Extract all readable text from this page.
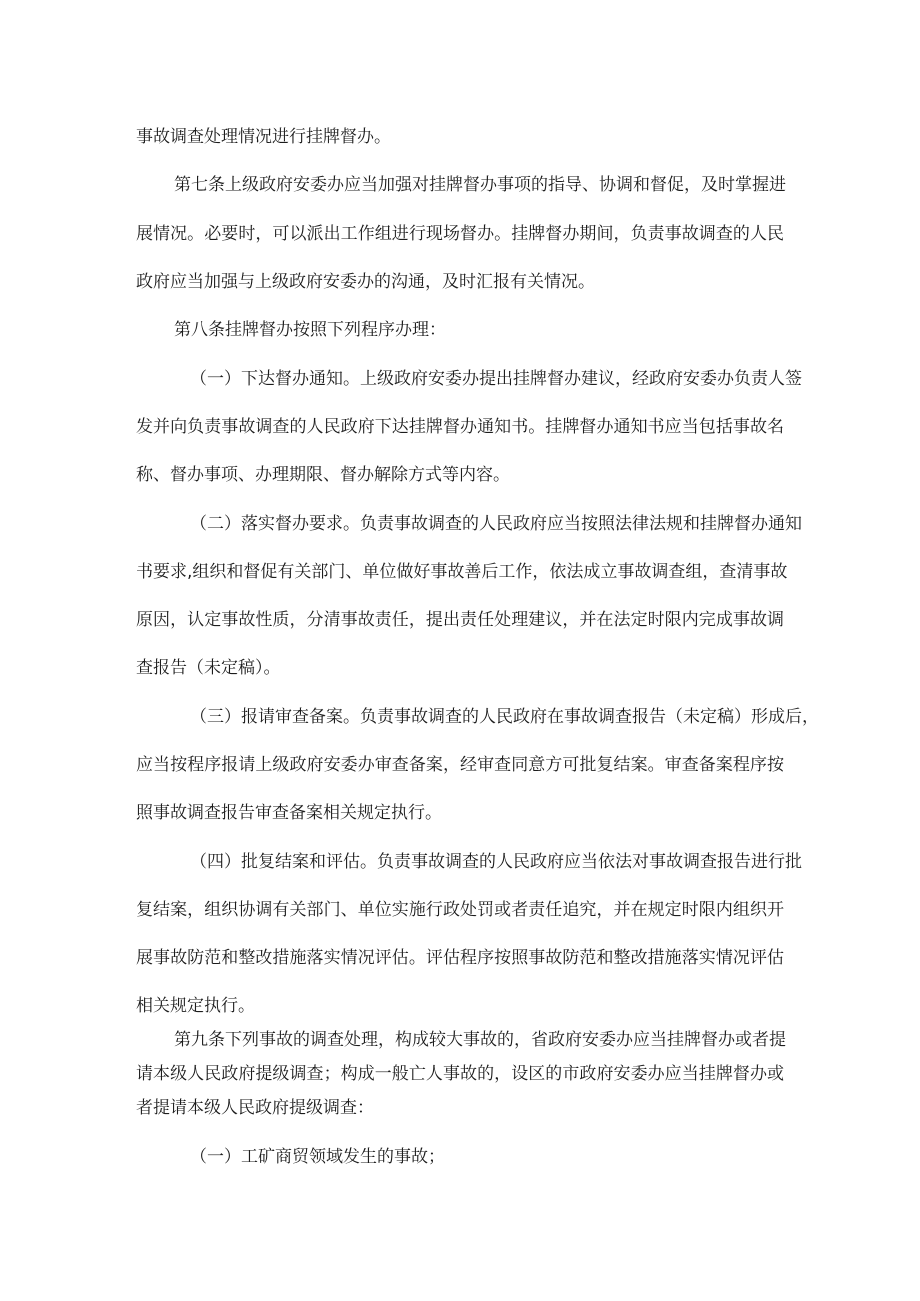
事故调查处理情况进行挂牌督办。

第七条上级政府安委办应当加强对挂牌督办事项的指导、协调和督促，及时掌握进

展情况。必要时，可以派出工作组进行现场督办。挂牌督办期间，负责事故调查的人民

政府应当加强与上级政府安委办的沟通，及时汇报有关情况。

第八条挂牌督办按照下列程序办理：

（一）下达督办通知。上级政府安委办提出挂牌督办建议，经政府安委办负责人签

发并向负责事故调查的人民政府下达挂牌督办通知书。挂牌督办通知书应当包括事故名

称、督办事项、办理期限、督办解除方式等内容。

（二）落实督办要求。负责事故调查的人民政府应当按照法律法规和挂牌督办通知

书要求,组织和督促有关部门、单位做好事故善后工作，依法成立事故调查组，查清事故

原因，认定事故性质，分清事故责任，提出责任处理建议，并在法定时限内完成事故调

查报告（未定稿）。

（三）报请审查备案。负责事故调查的人民政府在事故调查报告（未定稿）形成后，

应当按程序报请上级政府安委办审查备案，经审查同意方可批复结案。审查备案程序按

照事故调查报告审查备案相关规定执行。

（四）批复结案和评估。负责事故调查的人民政府应当依法对事故调查报告进行批

复结案，组织协调有关部门、单位实施行政处罚或者责任追究，并在规定时限内组织开

展事故防范和整改措施落实情况评估。评估程序按照事故防范和整改措施落实情况评估

相关规定执行。

第九条下列事故的调查处理，构成较大事故的，省政府安委办应当挂牌督办或者提

请本级人民政府提级调查；构成一般亡人事故的，设区的市政府安委办应当挂牌督办或

者提请本级人民政府提级调查：

（一）工矿商贸领域发生的事故；
